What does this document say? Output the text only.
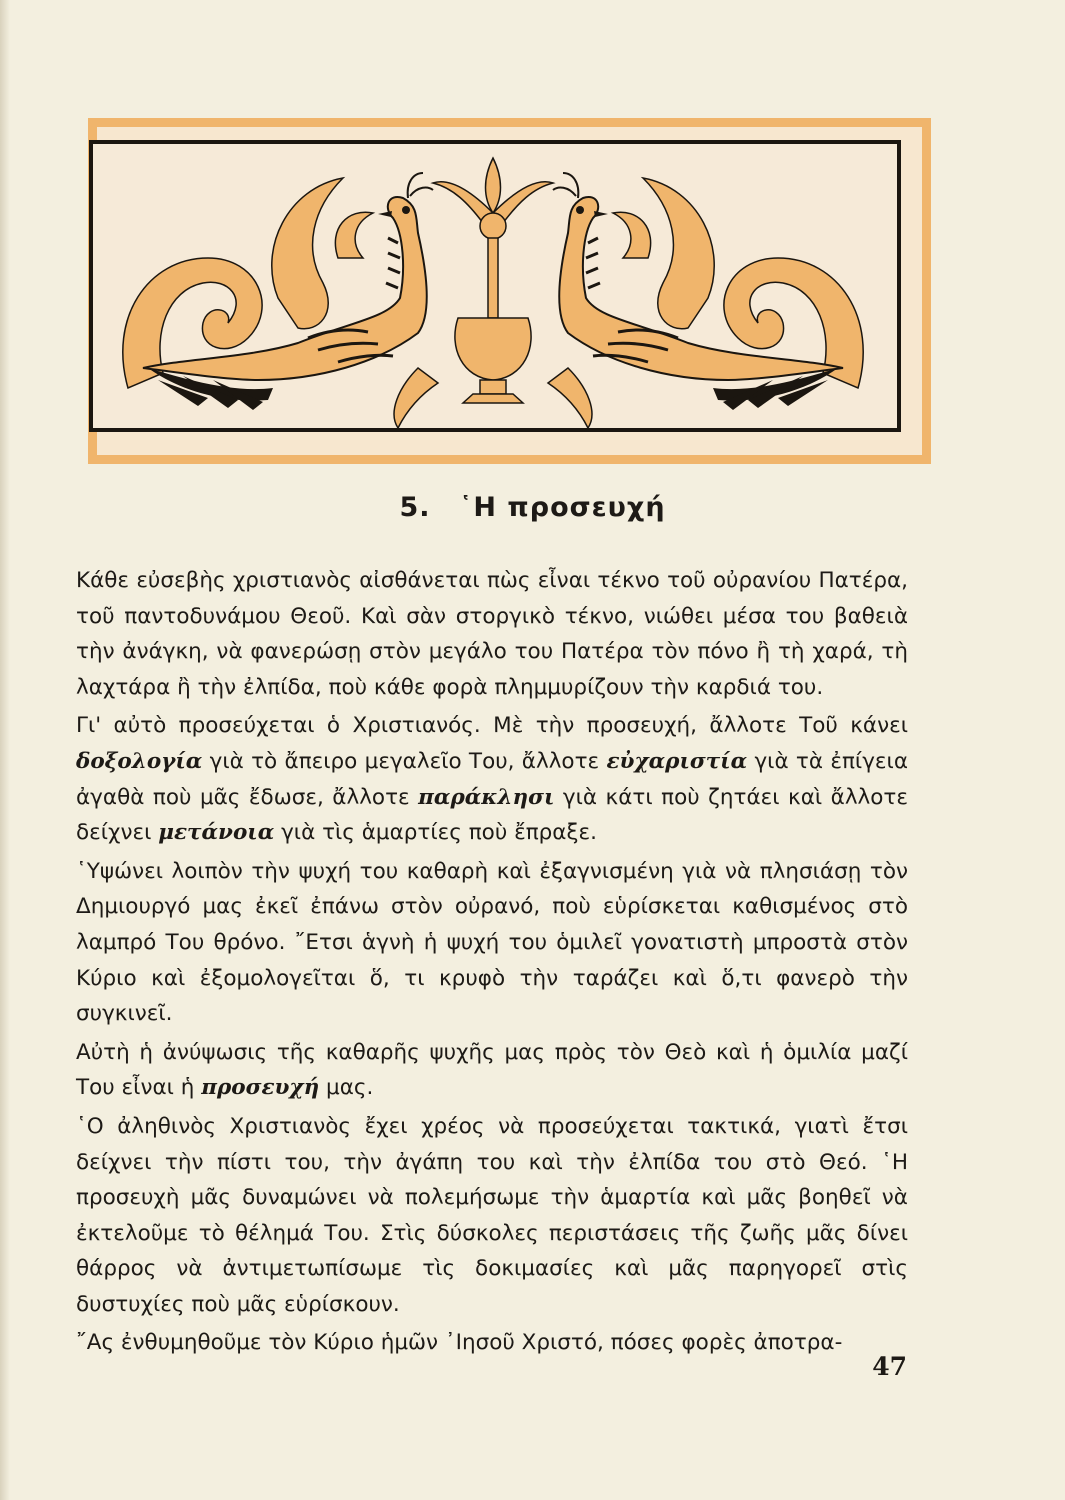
5. ῾Η προσευχή

Κάθε εὐσεβὴς χριστιανὸς αἰσθάνεται πὼς εἶναι τέκνο τοῦ οὐρανίου Πατέρα, τοῦ παντοδυνάμου Θεοῦ. Καὶ σὰν στοργικὸ τέκνο, νιώθει μέσα του βαθειὰ τὴν ἀνάγκη, νὰ φανερώσῃ στὸν μεγάλο του Πατέρα τὸν πόνο ἢ τὴ χαρά, τὴ λαχτάρα ἢ τὴν ἐλπίδα, ποὺ κάθε φορὰ πλημμυρίζουν τὴν καρδιά του.

Γι' αὐτὸ προσεύχεται ὁ Χριστιανός. Μὲ τὴν προσευχή, ἄλλοτε Τοῦ κάνει δοξολογία γιὰ τὸ ἄπειρο μεγαλεῖο Του, ἄλλοτε εὐχαριστία γιὰ τὰ ἐπίγεια ἀγαθὰ ποὺ μᾶς ἔδωσε, ἄλλοτε παράκλησι γιὰ κάτι ποὺ ζητάει καὶ ἄλλοτε δείχνει μετάνοια γιὰ τὶς ἁμαρτίες ποὺ ἔπραξε.

῾Υψώνει λοιπὸν τὴν ψυχή του καθαρὴ καὶ ἐξαγνισμένη γιὰ νὰ πλησιάσῃ τὸν Δημιουργό μας ἐκεῖ ἐπάνω στὸν οὐρανό, ποὺ εὑρίσκεται καθισμένος στὸ λαμπρό Του θρόνο. ῎Ετσι ἁγνὴ ἡ ψυχή του ὁμιλεῖ γονατιστὴ μπροστὰ στὸν Κύριο καὶ ἐξομολογεῖται ὅ, τι κρυφὸ τὴν ταράζει καὶ ὅ,τι φανερὸ τὴν συγκινεῖ.

Αὐτὴ ἡ ἀνύψωσις τῆς καθαρῆς ψυχῆς μας πρὸς τὸν Θεὸ καὶ ἡ ὁμιλία μαζί Του εἶναι ἡ προσευχή μας.

῾Ο ἀληθινὸς Χριστιανὸς ἔχει χρέος νὰ προσεύχεται τακτικά, γιατὶ ἔτσι δείχνει τὴν πίστι του, τὴν ἀγάπη του καὶ τὴν ἐλπίδα του στὸ Θεό. ῾Η προσευχὴ μᾶς δυναμώνει νὰ πολεμήσωμε τὴν ἁμαρτία καὶ μᾶς βοηθεῖ νὰ ἐκτελοῦμε τὸ θέλημά Του. Στὶς δύσκολες περιστάσεις τῆς ζωῆς μᾶς δίνει θάρρος νὰ ἀντιμετωπίσωμε τὶς δοκιμασίες καὶ μᾶς παρηγορεῖ στὶς δυστυχίες ποὺ μᾶς εὑρίσκουν.

῎Ας ἐνθυμηθοῦμε τὸν Κύριο ἡμῶν ᾿Ιησοῦ Χριστό, πόσες φορὲς ἀποτρα-

47
